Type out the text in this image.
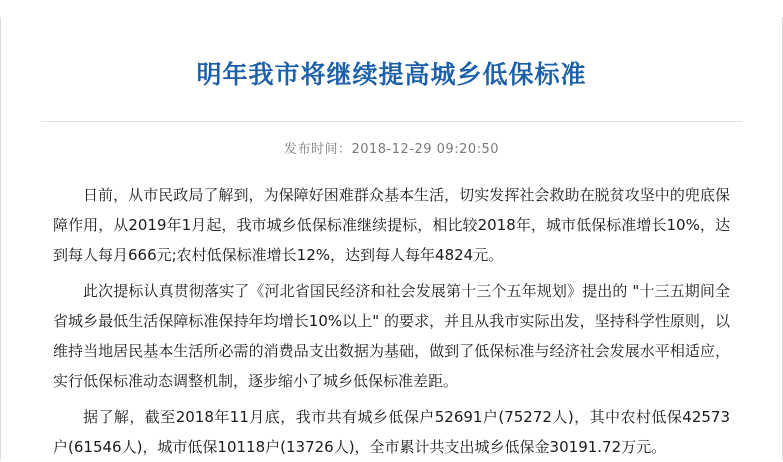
明年我市将继续提高城乡低保标准
发布时间：2018-12-29 09:20:50

日前，从市民政局了解到，为保障好困难群众基本生活，切实发挥社会救助在脱贫攻坚中的兜底保障作用，从2019年1月起，我市城乡低保标准继续提标，相比较2018年，城市低保标准增长10%，达到每人每月666元;农村低保标准增长12%，达到每人每年4824元。

此次提标认真贯彻落实了《河北省国民经济和社会发展第十三个五年规划》提出的 "十三五期间全省城乡最低生活保障标准保持年均增长10%以上" 的要求，并且从我市实际出发，坚持科学性原则，以维持当地居民基本生活所必需的消费品支出数据为基础，做到了低保标准与经济社会发展水平相适应，实行低保标准动态调整机制，逐步缩小了城乡低保标准差距。

据了解，截至2018年11月底，我市共有城乡低保户52691户(75272人)，其中农村低保42573户(61546人)，城市低保10118户(13726人)，全市累计共支出城乡低保金30191.72万元。
